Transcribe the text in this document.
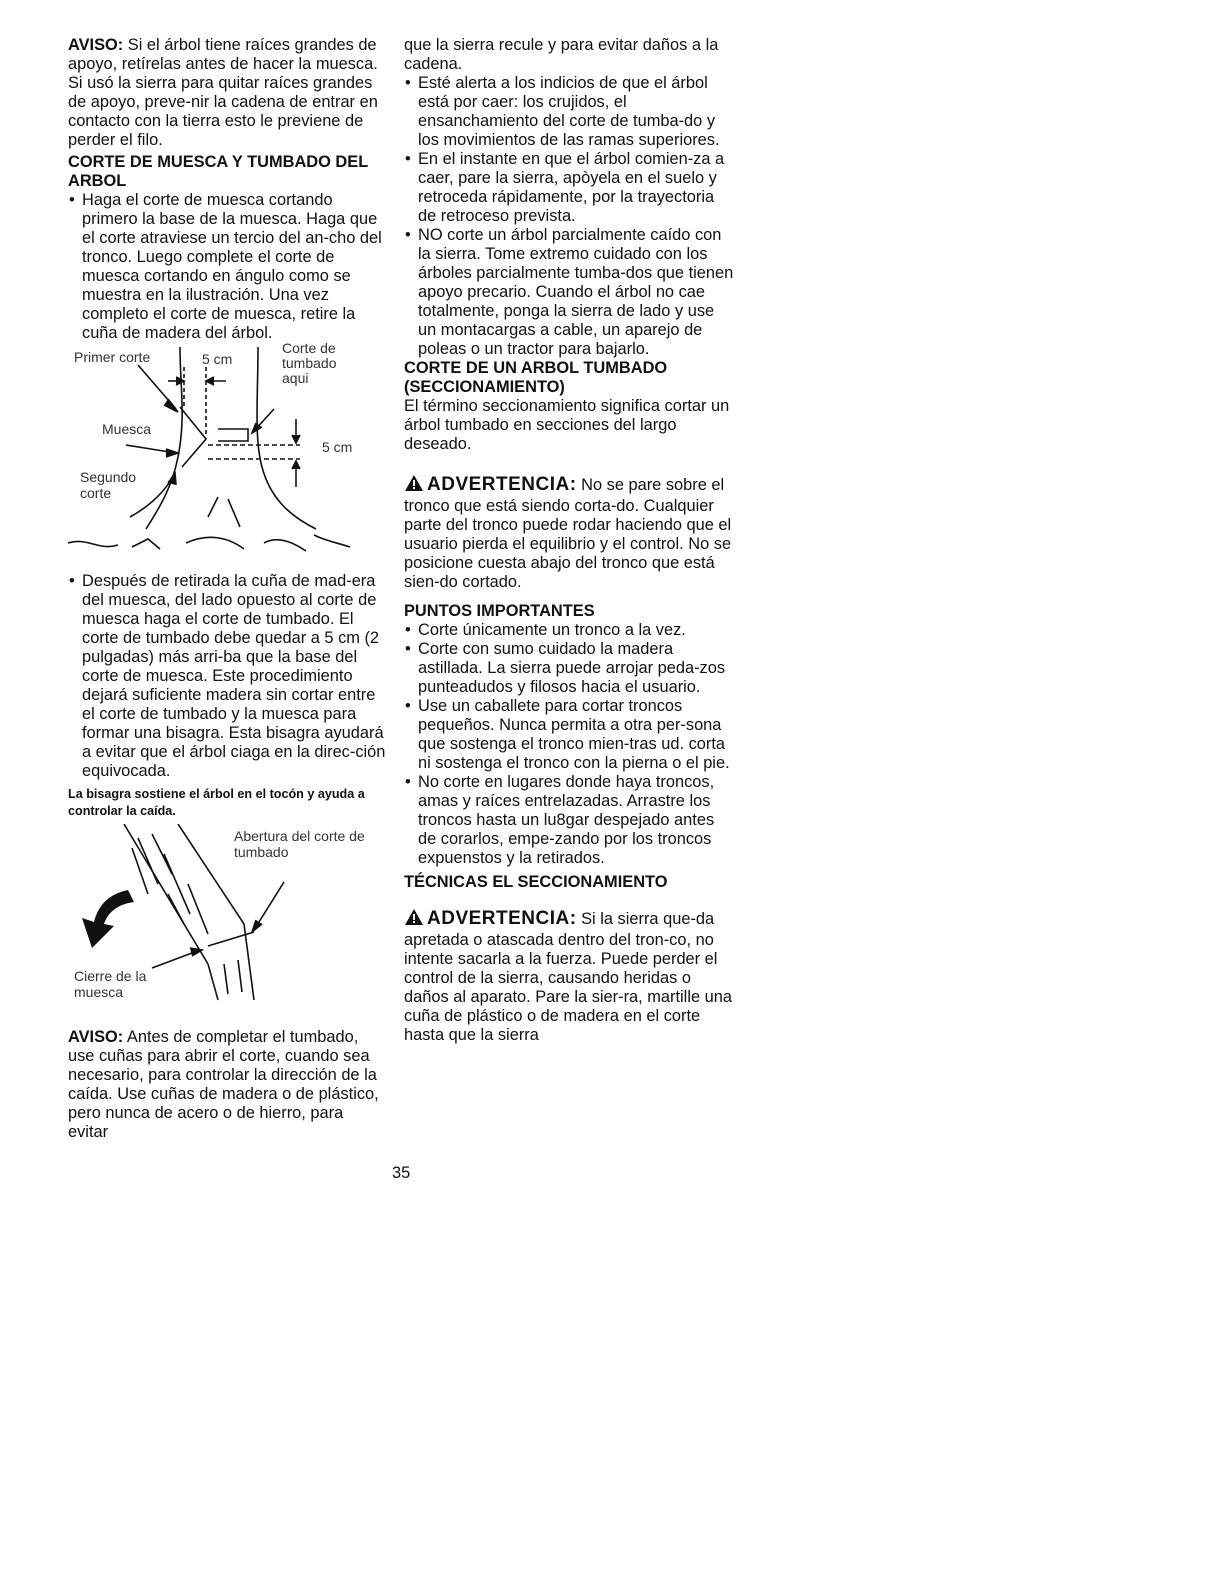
AVISO: Si el árbol tiene raíces grandes de apoyo, retírelas antes de hacer la muesca. Si usó la sierra para quitar raíces grandes de apoyo, preve-nir la cadena de entrar en contacto con la tierra esto le previene de perder el filo.

CORTE DE MUESCA Y TUMBADO DEL ARBOL

• Haga el corte de muesca cortando primero la base de la muesca. Haga que el corte atraviese un tercio del an-cho del tronco. Luego complete el corte de muesca cortando en ángulo como se muestra en la ilustración. Una vez completo el corte de muesca, retire la cuña de madera del árbol.

Primer corte	5 cm
Corte de tumbado aqui
Muesca
5 cm
Segundo corte

• Después de retirada la cuña de mad-era del muesca, del lado opuesto al corte de muesca haga el corte de tumbado. El corte de tumbado debe quedar a 5 cm (2 pulgadas) más arri-ba que la base del corte de muesca. Este procedimiento dejará suficiente madera sin cortar entre el corte de tumbado y la muesca para formar una bisagra. Esta bisagra ayudará a evitar que el árbol ciaga en la direc-ción equivocada.

La bisagra sostiene el árbol en el tocón y ayuda a controlar la caída.

Abertura del corte de tumbado
Cierre de la muesca

AVISO: Antes de completar el tumbado, use cuñas para abrir el corte, cuando sea necesario, para controlar la dirección de la caída. Use cuñas de madera o de plástico, pero nunca de acero o de hierro, para evitar

que la sierra recule y para evitar daños a la cadena.

• Esté alerta a los indicios de que el árbol está por caer: los crujidos, el ensanchamiento del corte de tumba-do y los movimientos de las ramas superiores.

• En el instante en que el árbol comien-za a caer, pare la sierra, apòyela en el suelo y retroceda rápidamente, por la trayectoria de retroceso prevista.

• NO corte un árbol parcialmente caído con la sierra. Tome extremo cuidado con los árboles parcialmente tumba-dos que tienen apoyo precario. Cuando el árbol no cae totalmente, ponga la sierra de lado y use un montacargas a cable, un aparejo de poleas o un tractor para bajarlo.

CORTE DE UN ARBOL TUMBADO (SECCIONAMIENTO)

El término seccionamiento significa cortar un árbol tumbado en secciones del largo deseado.

ADVERTENCIA: No se pare sobre el tronco que está siendo corta-do. Cualquier parte del tronco puede rodar haciendo que el usuario pierda el equilibrio y el control. No se posicione cuesta abajo del tronco que está sien-do cortado.

PUNTOS IMPORTANTES

• Corte únicamente un tronco a la vez.

• Corte con sumo cuidado la madera astillada. La sierra puede arrojar peda-zos punteadudos y filosos hacia el usuario.

• Use un caballete para cortar troncos pequeños. Nunca permita a otra per-sona que sostenga el tronco mien-tras ud. corta ni sostenga el tronco con la pierna o el pie.

• No corte en lugares donde haya troncos, amas y raíces entrelazadas. Arrastre los troncos hasta un lu8gar despejado antes de corarlos, empe-zando por los troncos expuenstos y la retirados.

TÉCNICAS EL SECCIONAMIENTO

ADVERTENCIA: Si la sierra que-da apretada o atascada dentro del tron-co, no intente sacarla a la fuerza. Puede perder el control de la sierra, causando heridas o daños al aparato. Pare la sier-ra, martille una cuña de plástico o de madera en el corte hasta que la sierra

35
